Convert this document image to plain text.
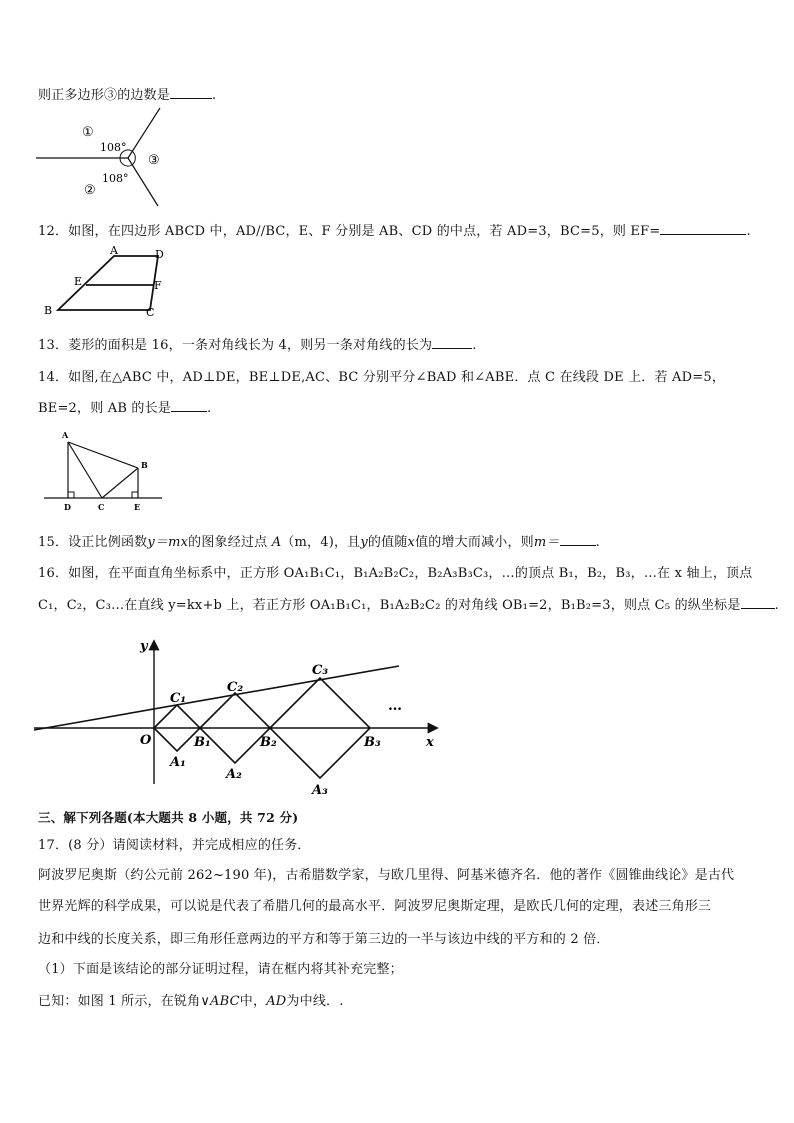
则正多边形③的边数是	.
①
108°
③
108°
②
12．如图，在四边形 ABCD 中，AD//BC，E、F 分别是 AB、CD 的中点，若 AD=3，BC=5，则 EF=	.
A	D
E	F
B	C
13．菱形的面积是 16，一条对角线长为 4，则另一条对角线的长为	.
14．如图,在△ABC 中，AD⊥DE，BE⊥DE,AC、BC 分别平分∠BAD 和∠ABE．点 C 在线段 DE 上．若 AD=5，
BE=2，则 AB 的长是	.
A
B
D	C	E
15．设正比例函数y＝mx的图象经过点 A（m，4)，且y的值随x值的增大而减小，则m＝	.
16．如图，在平面直角坐标系中，正方形 OA₁B₁C₁，B₁A₂B₂C₂，B₂A₃B₃C₃，…的顶点 B₁，B₂，B₃，…在 x 轴上，顶点
C₁，C₂，C₃…在直线 y=kx+b 上，若正方形 OA₁B₁C₁，B₁A₂B₂C₂ 的对角线 OB₁=2，B₁B₂=3，则点 C₅ 的纵坐标是	.
y
x
O	B₁	B₂	B₃
A₁
A₂
A₃
C₁
C₂
C₃
…
三、解下列各题(本大题共 8 小题，共 72 分)
17．(8 分）请阅读材料，并完成相应的任务．
阿波罗尼奥斯（约公元前 262~190 年)，古希腊数学家，与欧几里得、阿基米德齐名．他的著作《圆锥曲线论》是古代
世界光辉的科学成果，可以说是代表了希腊几何的最高水平．阿波罗尼奥斯定理，是欧氏几何的定理，表述三角形三
边和中线的长度关系，即三角形任意两边的平方和等于第三边的一半与该边中线的平方和的 2 倍．
（1）下面是该结论的部分证明过程，请在框内将其补充完整；
已知：如图 1 所示，在锐角∨ABC中，AD为中线．.
